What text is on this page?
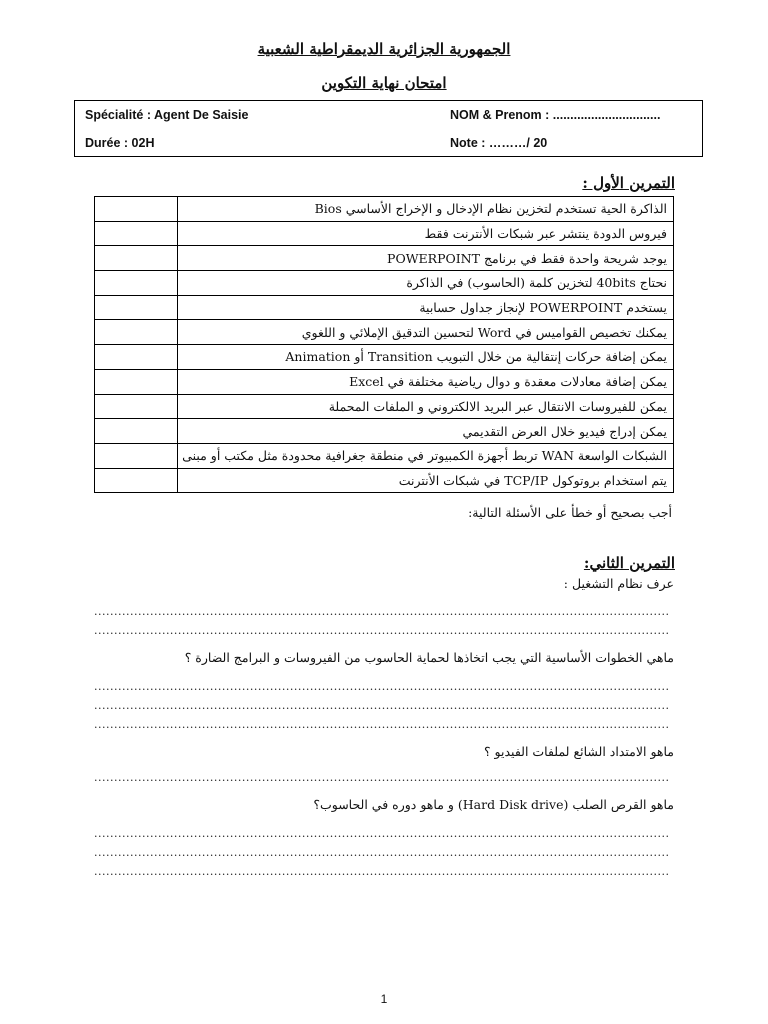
الجمهورية الجزائرية الديمقراطية الشعبية
امتحان نهاية التكوين
Spécialité : Agent De Saisie	NOM & Prenom : ...............................
Durée : 02H	Note : ………/ 20
التمرين الأول :
	الذاكرة الحية تستخدم لتخزين نظام الإدخال و الإخراج الأساسي Bios
	فيروس الدودة ينتشر عبر شبكات الأنترنت فقط
	يوجد شريحة واحدة فقط في برنامج POWERPOINT
	نحتاج 40bits لتخزين كلمة (الحاسوب) في الذاكرة
	يستخدم POWERPOINT لإنجاز جداول حسابية
	يمكنك تخصيص القواميس في Word لتحسين التدقيق الإملائي و اللغوي
	يمكن إضافة حركات إنتقالية من خلال التبويب Transition أو Animation
	يمكن إضافة معادلات معقدة و دوال رياضية مختلفة في Excel
	يمكن للفيروسات الانتقال عبر البريد الالكتروني و الملفات المحملة
	يمكن إدراج فيديو خلال العرض التقديمي
	الشبكات الواسعة WAN تربط أجهزة الكمبيوتر في منطقة جغرافية محدودة مثل مكتب أو مبنى
	يتم استخدام بروتوكول TCP/IP في شبكات الأنترنت
أجب بصحيح أو خطأ على الأسئلة التالية:
التمرين الثاني:
عرف نظام التشغيل :
................................................................................................................................................
................................................................................................................................................
ماهي الخطوات الأساسية التي يجب اتخاذها لحماية الحاسوب من الفيروسات و البرامج الضارة ؟
................................................................................................................................................
................................................................................................................................................
................................................................................................................................................
ماهو الامتداد الشائع لملفات الفيديو ؟
................................................................................................................................................
ماهو القرص الصلب (Hard Disk drive) و ماهو دوره في الحاسوب؟
................................................................................................................................................
................................................................................................................................................
................................................................................................................................................
1
